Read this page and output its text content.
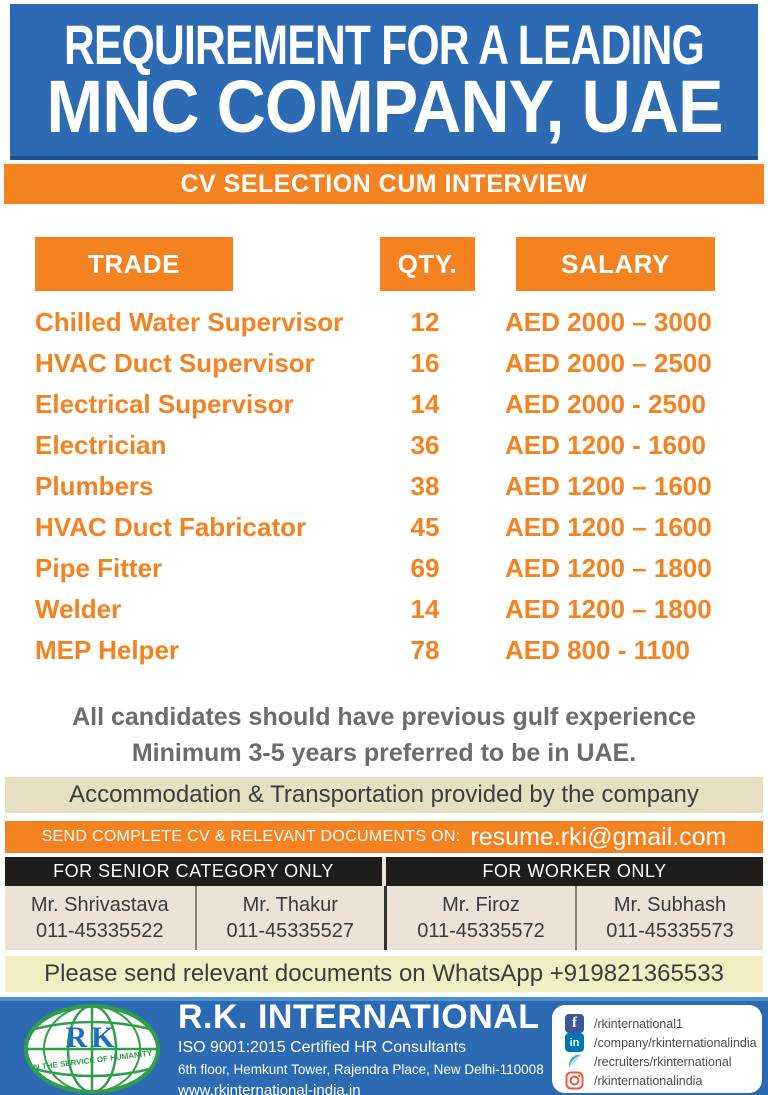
REQUIREMENT FOR A LEADING
MNC COMPANY, UAE
CV SELECTION CUM INTERVIEW
TRADE	QTY.	SALARY
Chilled Water Supervisor	12	AED 2000 – 3000
HVAC Duct Supervisor	16	AED 2000 – 2500
Electrical Supervisor	14	AED 2000 - 2500
Electrician	36	AED 1200 - 1600
Plumbers	38	AED 1200 – 1600
HVAC Duct Fabricator	45	AED 1200 – 1600
Pipe Fitter	69	AED 1200 – 1800
Welder	14	AED 1200 – 1800
MEP Helper	78	AED 800 - 1100
All candidates should have previous gulf experience
Minimum 3-5 years preferred to be in UAE.
Accommodation & Transportation provided by the company
SEND COMPLETE CV & RELEVANT DOCUMENTS ON: resume.rki@gmail.com
FOR SENIOR CATEGORY ONLY
Mr. Shrivastava
011-45335522
Mr. Thakur
011-45335527
FOR WORKER ONLY
Mr. Firoz
011-45335572
Mr. Subhash
011-45335573
Please send relevant documents on WhatsApp +919821365533
RK
IN THE SERVICE OF HUMANITY
R.K. INTERNATIONAL
ISO 9001:2015 Certified HR Consultants
6th floor, Hemkunt Tower, Rajendra Place, New Delhi-110008
www.rkinternational-india.in
f	/rkinternational1
in	/company/rkinternationalindia
/recruiters/rkinternational
/rkinternationalindia
